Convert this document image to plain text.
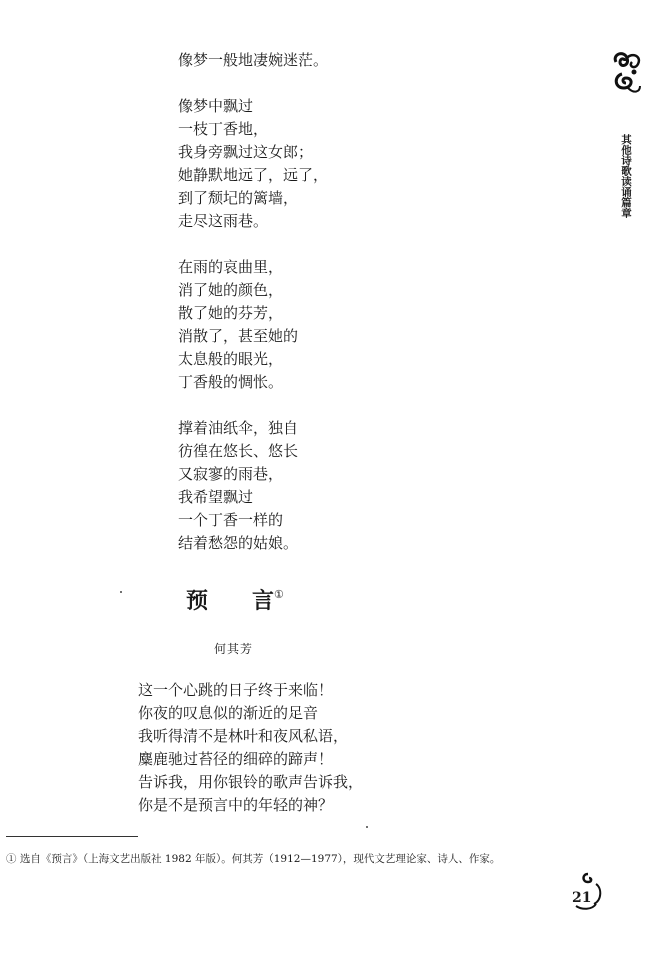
像梦一般地凄婉迷茫。
像梦中飘过
一枝丁香地，
我身旁飘过这女郎；
她静默地远了，远了，
到了颓圮的篱墙，
走尽这雨巷。
在雨的哀曲里，
消了她的颜色，
散了她的芬芳，
消散了，甚至她的
太息般的眼光，
丁香般的惆怅。
撑着油纸伞，独自
彷徨在悠长、悠长
又寂寥的雨巷，
我希望飘过
一个丁香一样的
结着愁怨的姑娘。
预 言①
何其芳
这一个心跳的日子终于来临！
你夜的叹息似的渐近的足音
我听得清不是林叶和夜风私语，
麋鹿驰过苔径的细碎的蹄声！
告诉我，用你银铃的歌声告诉我，
你是不是预言中的年轻的神？
① 选自《预言》（上海文艺出版社 1982 年版）。何其芳（1912—1977），现代文艺理论家、诗人、作家。
其他诗歌读诵篇章
21
